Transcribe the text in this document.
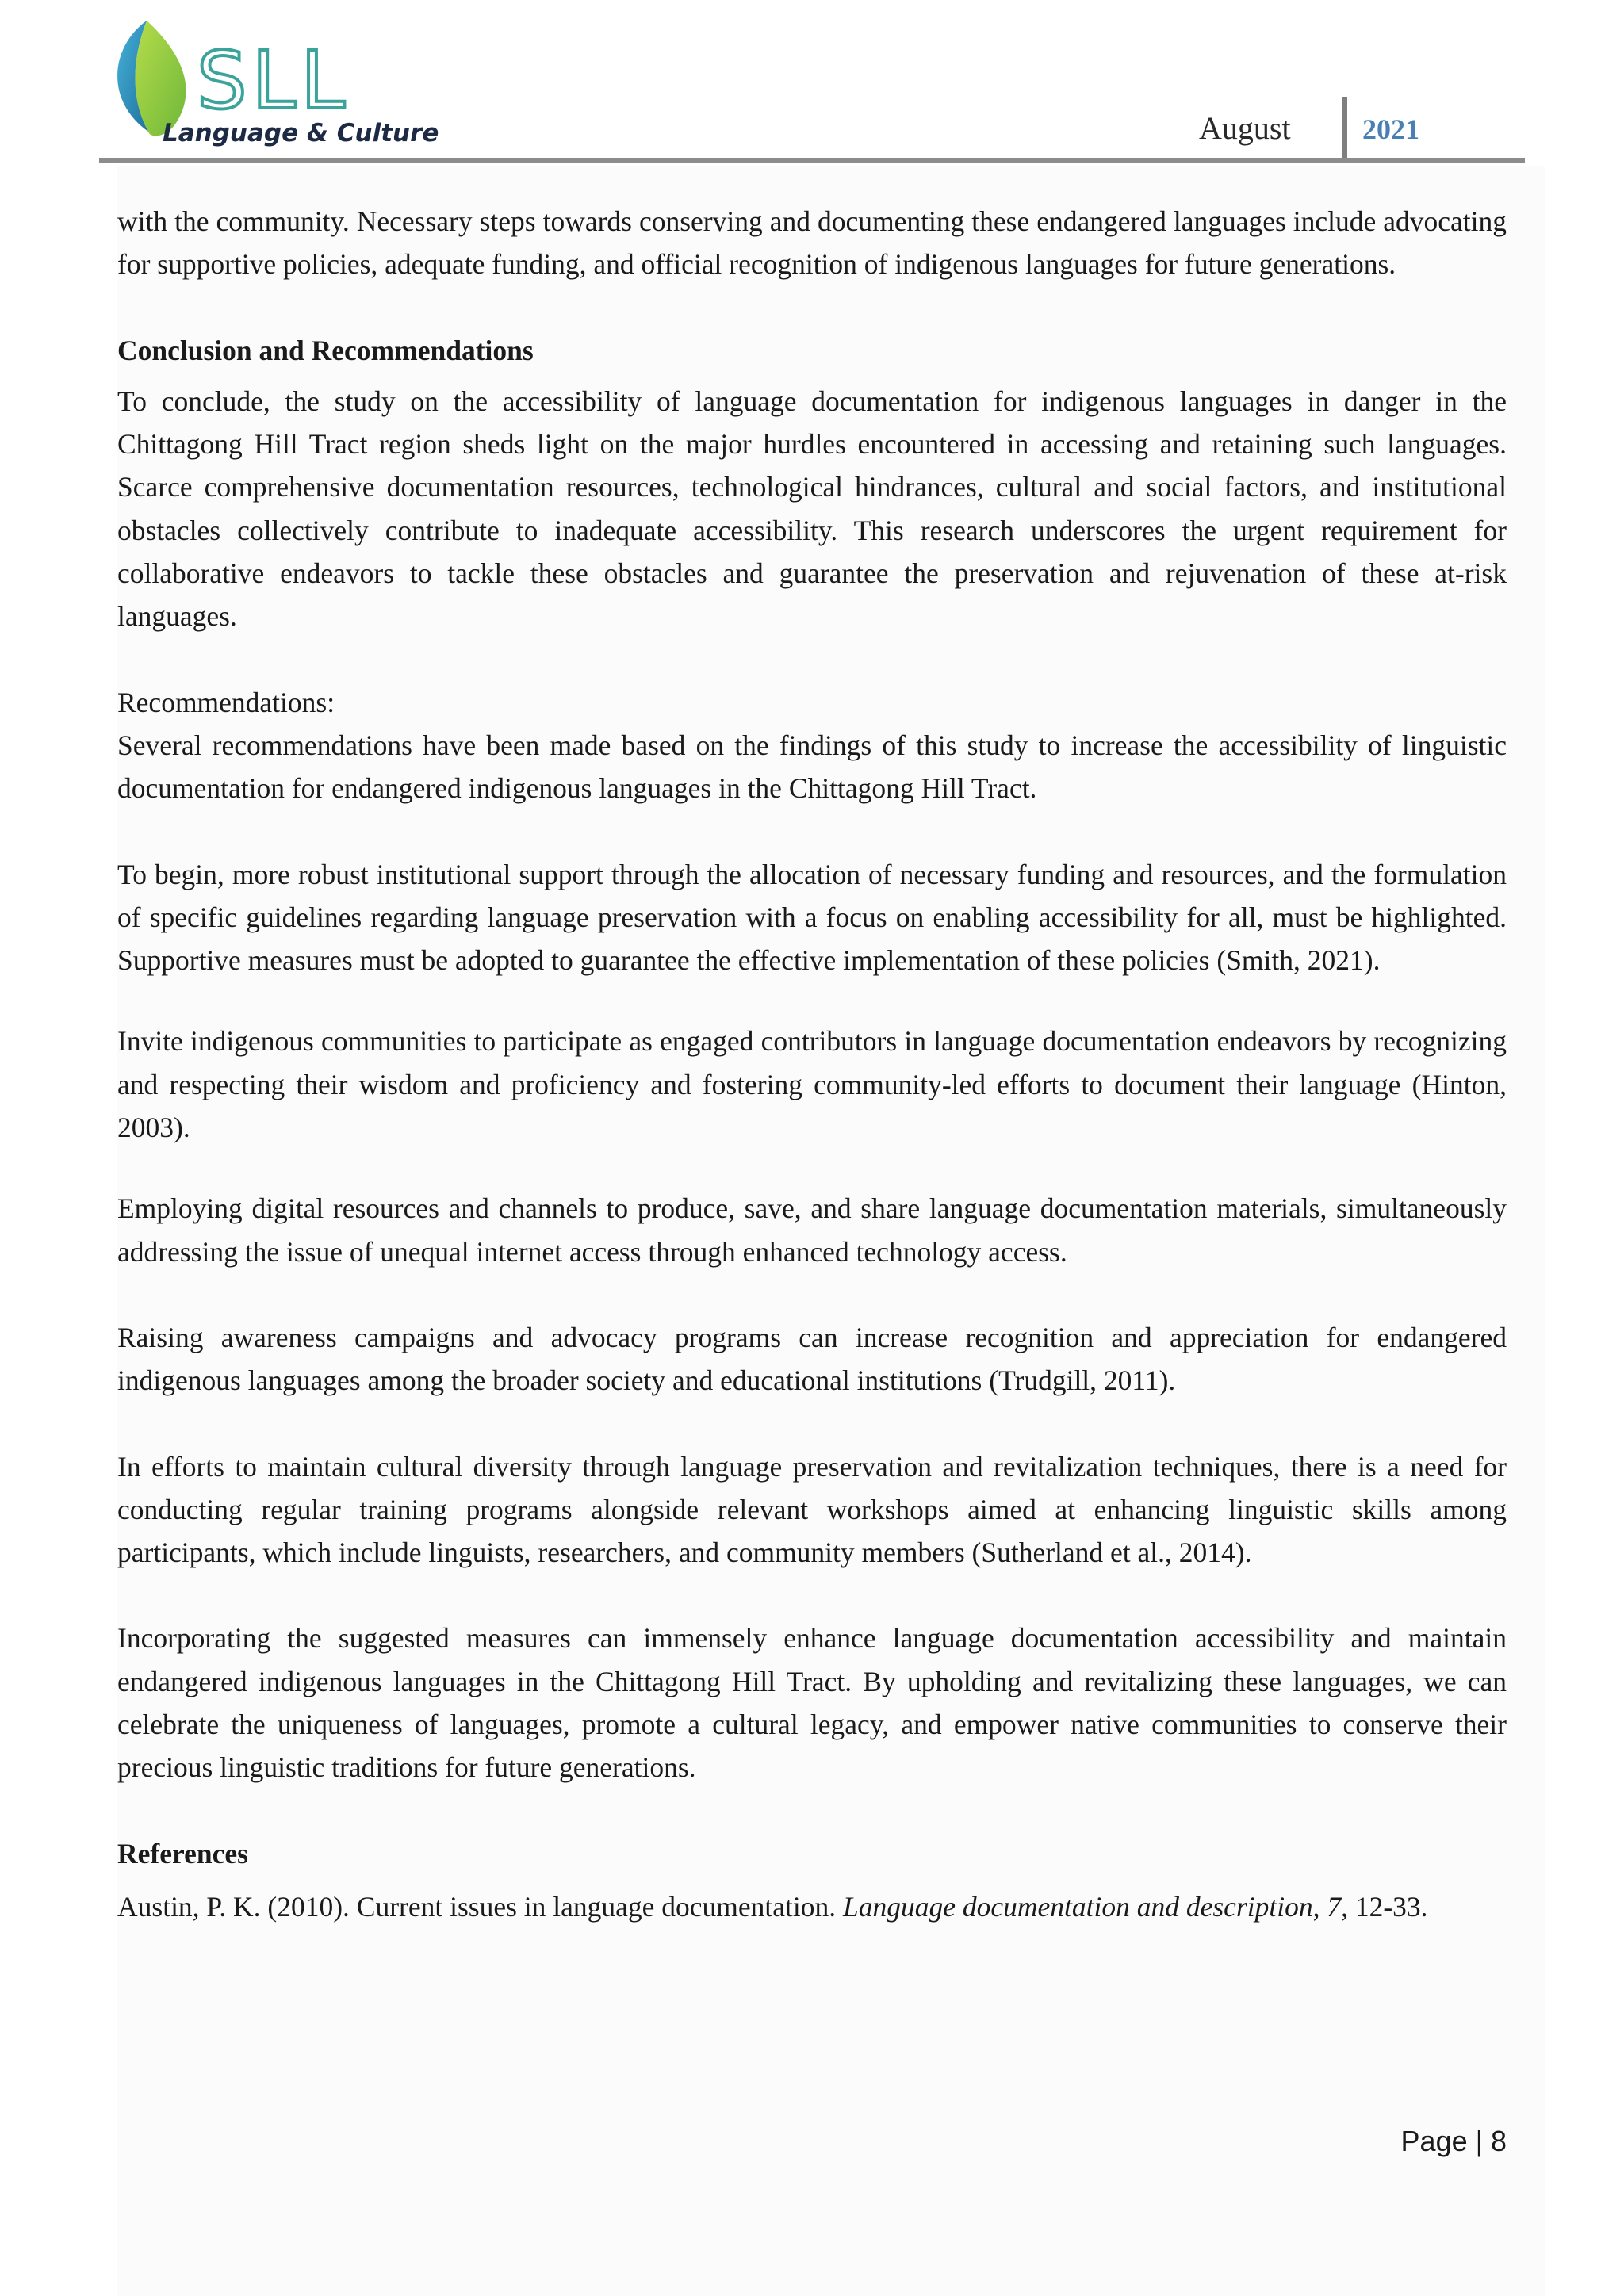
SLL
Language & Culture	August	2021

with the community. Necessary steps towards conserving and documenting these endangered languages include advocating for supportive policies, adequate funding, and official recognition of indigenous languages for future generations.

Conclusion and Recommendations

To conclude, the study on the accessibility of language documentation for indigenous languages in danger in the Chittagong Hill Tract region sheds light on the major hurdles encountered in accessing and retaining such languages. Scarce comprehensive documentation resources, technological hindrances, cultural and social factors, and institutional obstacles collectively contribute to inadequate accessibility. This research underscores the urgent requirement for collaborative endeavors to tackle these obstacles and guarantee the preservation and rejuvenation of these at-risk languages.

Recommendations:

Several recommendations have been made based on the findings of this study to increase the accessibility of linguistic documentation for endangered indigenous languages in the Chittagong Hill Tract.

To begin, more robust institutional support through the allocation of necessary funding and resources, and the formulation of specific guidelines regarding language preservation with a focus on enabling accessibility for all, must be highlighted. Supportive measures must be adopted to guarantee the effective implementation of these policies (Smith, 2021).

Invite indigenous communities to participate as engaged contributors in language documentation endeavors by recognizing and respecting their wisdom and proficiency and fostering community-led efforts to document their language (Hinton, 2003).

Employing digital resources and channels to produce, save, and share language documentation materials, simultaneously addressing the issue of unequal internet access through enhanced technology access.

Raising awareness campaigns and advocacy programs can increase recognition and appreciation for endangered indigenous languages among the broader society and educational institutions (Trudgill, 2011).

In efforts to maintain cultural diversity through language preservation and revitalization techniques, there is a need for conducting regular training programs alongside relevant workshops aimed at enhancing linguistic skills among participants, which include linguists, researchers, and community members (Sutherland et al., 2014).

Incorporating the suggested measures can immensely enhance language documentation accessibility and maintain endangered indigenous languages in the Chittagong Hill Tract. By upholding and revitalizing these languages, we can celebrate the uniqueness of languages, promote a cultural legacy, and empower native communities to conserve their precious linguistic traditions for future generations.

References

Austin, P. K. (2010). Current issues in language documentation. Language documentation and description, 7, 12-33.

Page | 8
